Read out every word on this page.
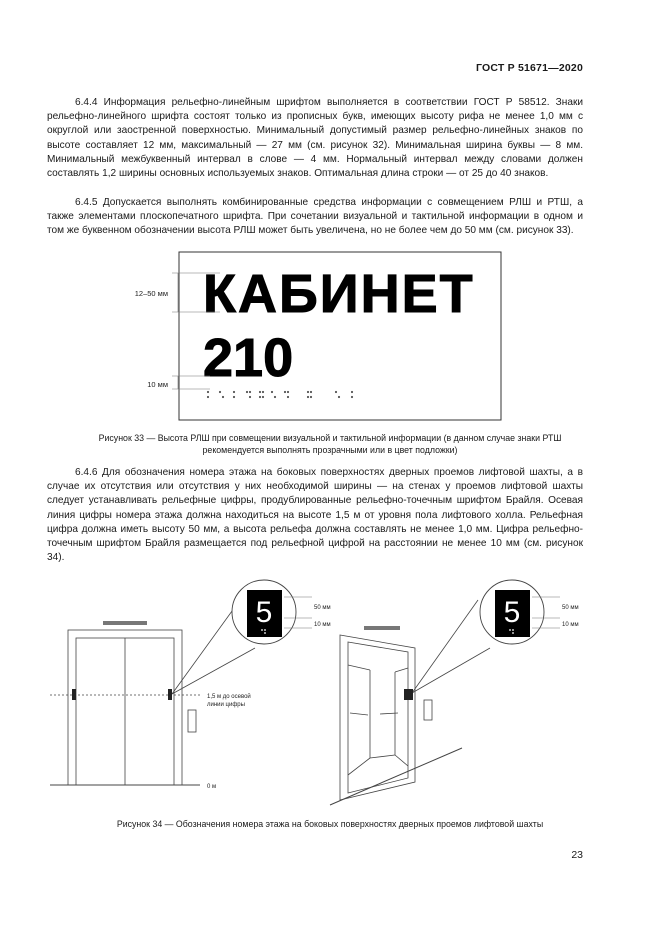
ГОСТ Р 51671—2020

6.4.4 Информация рельефно-линейным шрифтом выполняется в соответствии ГОСТ Р 58512. Знаки рельефно-линейного шрифта состоят только из прописных букв, имеющих высоту рифа не менее 1,0 мм с округлой или заостренной поверхностью. Минимальный допустимый размер рельефно-линейных знаков по высоте составляет 12 мм, максимальный — 27 мм (см. рисунок 32). Минимальная ширина буквы — 8 мм. Минимальный межбуквенный интервал в слове — 4 мм. Нормальный интервал между словами должен составлять 1,2 ширины основных используемых знаков. Оптимальная длина строки — от 25 до 40 знаков.

6.4.5 Допускается выполнять комбинированные средства информации с совмещением РЛШ и РТШ, а также элементами плоскопечатного шрифта. При сочетании визуальной и тактильной информации в одном и том же буквенном обозначении высота РЛШ может быть увеличена, но не более чем до 50 мм (см. рисунок 33).

КАБИНЕТ
210
12–50 мм
10 мм

Рисунок 33 — Высота РЛШ при совмещении визуальной и тактильной информации (в данном случае знаки РТШ
рекомендуется выполнять прозрачными или в цвет подложки)

6.4.6 Для обозначения номера этажа на боковых поверхностях дверных проемов лифтовой шахты, а в случае их отсутствия или отсутствия у них необходимой ширины — на стенах у проемов лифтовой шахты следует устанавливать рельефные цифры, продублированные рельефно-точечным шрифтом Брайля. Осевая линия цифры номера этажа должна находиться на высоте 1,5 м от уровня пола лифтового холла. Рельефная цифра должна иметь высоту 50 мм, а высота рельефа должна составлять не менее 1,0 мм. Цифра рельефно-точечным шрифтом Брайля размещается под рельефной цифрой на расстоянии не менее 10 мм (см. рисунок 34).

5	5
50 мм
10 мм
50 мм
10 мм
1,5 м до осевой
линии цифры
0 м

Рисунок 34 — Обозначения номера этажа на боковых поверхностях дверных проемов лифтовой шахты

23
